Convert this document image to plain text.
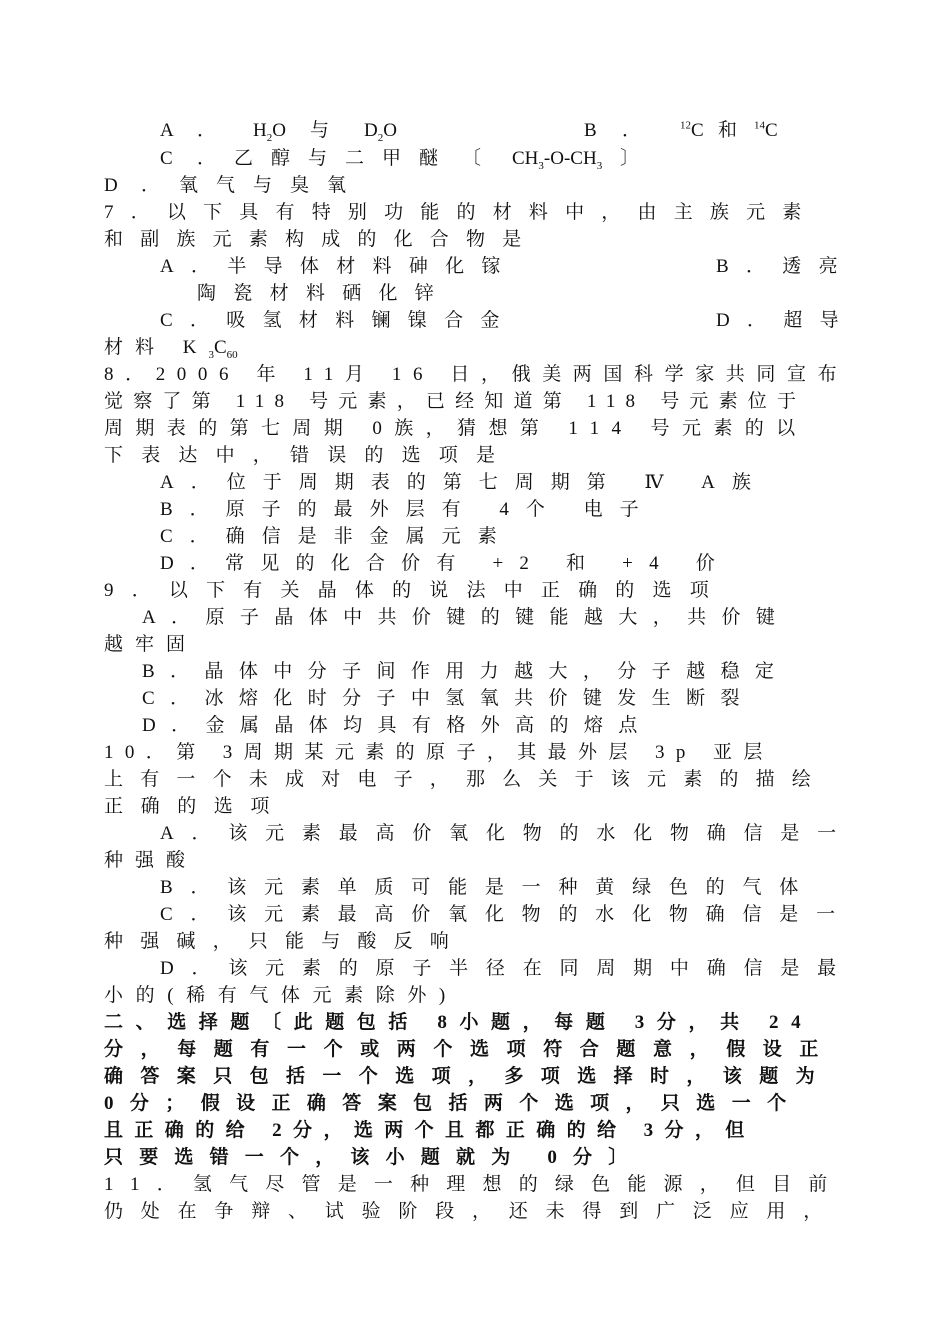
A ． $H_2O$ 与 $D_2O$	B ．	$^{12}$C 和 $^{14}$C
C ． 乙醇与二甲醚 〔 $CH_3-O-CH_3$ 〕
D ． 氧气与臭氧
7．以下具有特别功能的材料中，由主族元素
和副族元素构成的化合物是
A．半导体材料砷化镓	B．透亮
陶瓷材料硒化锌
C．吸氢材料镧镍合金	D．超导
材料 $K_3C_{60}$
8．2006 年 11月 16 日，俄美两国科学家共同宣布
觉察了第 118 号元素，已经知道第 118 号元素位于
周期表的第七周期 0族，猜想第 114 号元素的以
下表达中，错误的选项是
A．位于周期表的第七周期第 Ⅳ A族
B．原子的最外层有 4个 电子
C．确信是非金属元素
D．常见的化合价有 +2 和 +4 价
9．以下有关晶体的说法中正确的选项
A．原子晶体中共价键的键能越大，共价键
越牢固
B．晶体中分子间作用力越大，分子越稳定
C．冰熔化时分子中氢氧共价键发生断裂
D．金属晶体均具有格外高的熔点
10．第 3周期某元素的原子，其最外层 3p 亚层
上有一个未成对电子，那么关于该元素的描绘
正确的选项
A．该元素最高价氧化物的水化物确信是一
种强酸
B．该元素单质可能是一种黄绿色的气体
C．该元素最高价氧化物的水化物确信是一
种强碱，只能与酸反响
D．该元素的原子半径在同周期中确信是最
小的(稀有气体元素除外)
二、选择题〔此题包括 8小题，每题 3分，共 24
分，每题有一个或两个选项符合题意，假设正
确答案只包括一个选项，多项选择时，该题为
0分；假设正确答案包括两个选项，只选一个
且正确的给 2分，选两个且都正确的给 3分，但
只要选错一个，该小题就为 0分〕
11．氢气尽管是一种理想的绿色能源，但目前
仍处在争辩、试验阶段，还未得到广泛应用，
